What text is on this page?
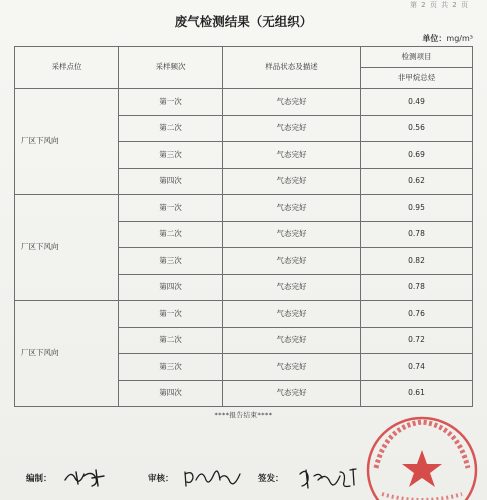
第 2 页 共 2 页
废气检测结果（无组织）
单位：mg/m³
采样点位	采样频次	样品状态及描述	检测项目
			非甲烷总烃
厂区下风向	第一次	气态完好	0.49
	第二次	气态完好	0.56
	第三次	气态完好	0.69
	第四次	气态完好	0.62
厂区下风向	第一次	气态完好	0.95
	第二次	气态完好	0.78
	第三次	气态完好	0.82
	第四次	气态完好	0.78
厂区下风向	第一次	气态完好	0.76
	第二次	气态完好	0.72
	第三次	气态完好	0.74
	第四次	气态完好	0.61
****报告结束****
编制：	审核：	签发：
